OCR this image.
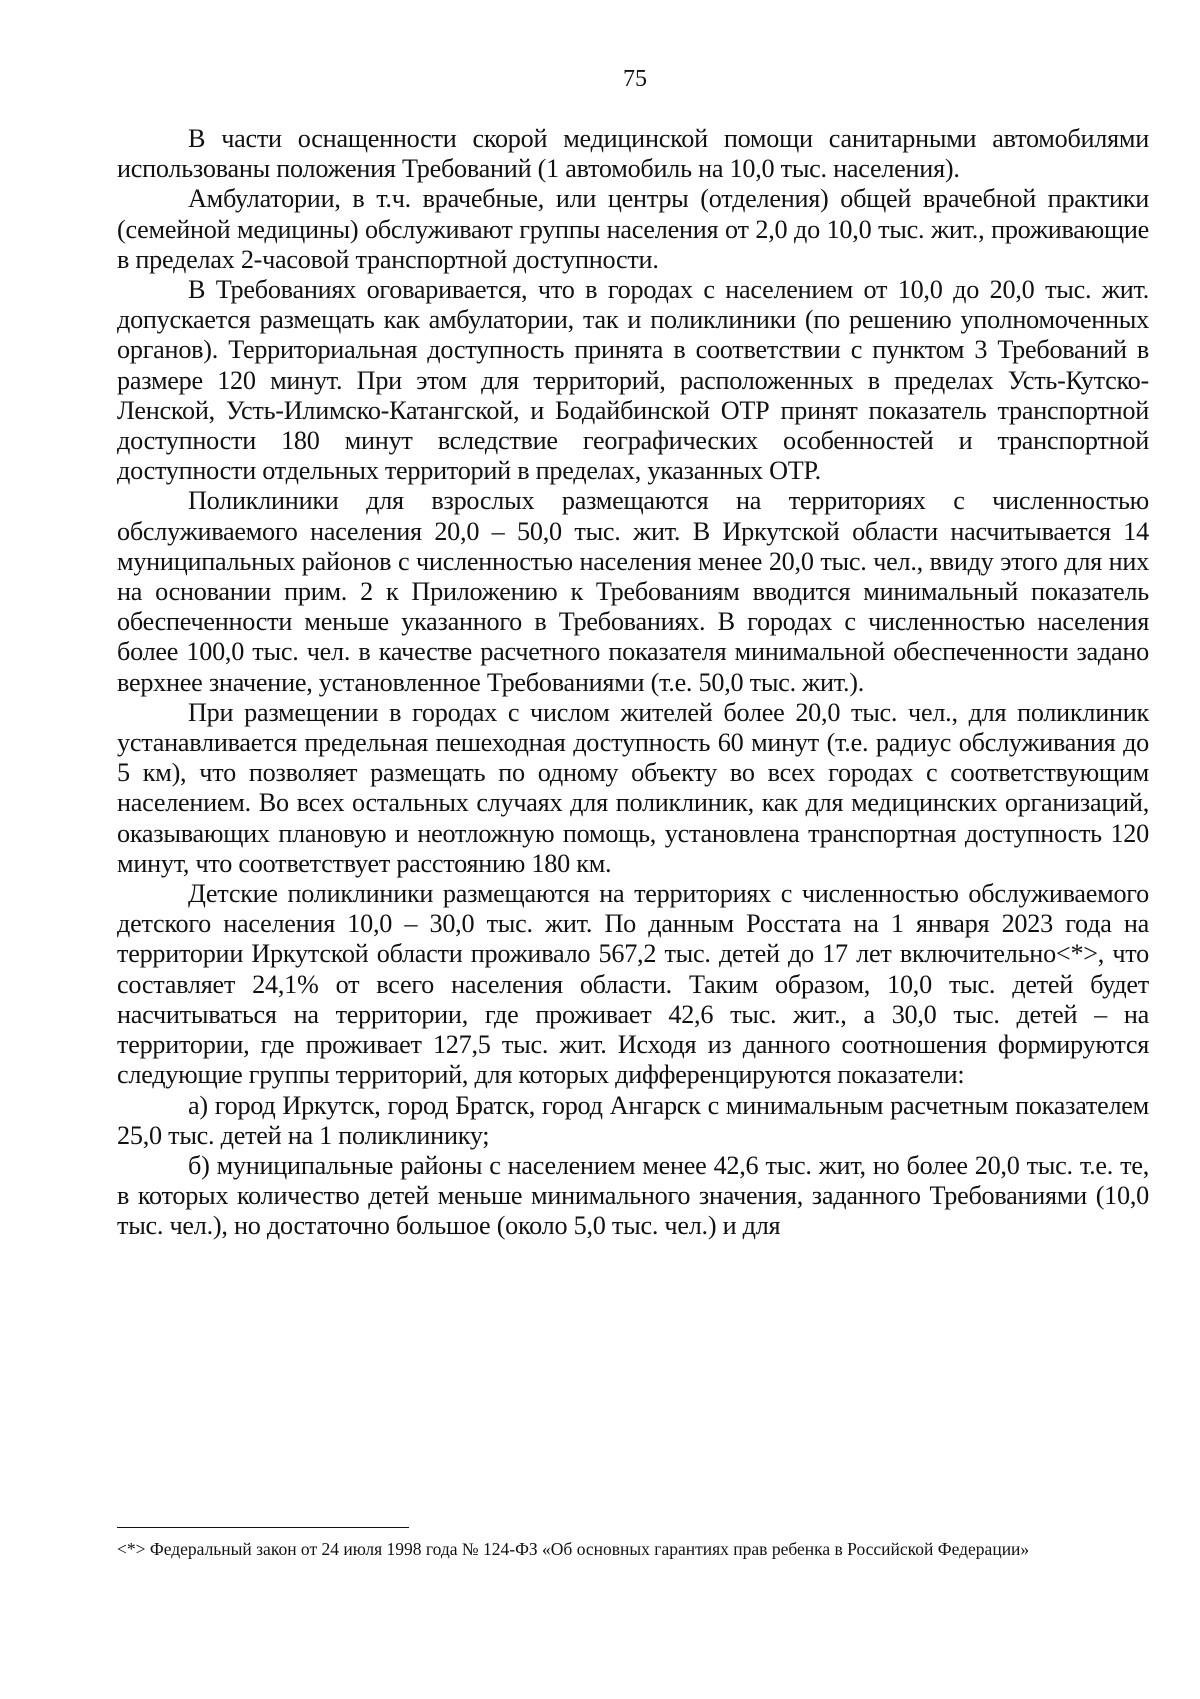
75

В части оснащенности скорой медицинской помощи санитарными автомобилями использованы положения Требований (1 автомобиль на 10,0 тыс. населения).

Амбулатории, в т.ч. врачебные, или центры (отделения) общей врачебной практики (семейной медицины) обслуживают группы населения от 2,0 до 10,0 тыс. жит., проживающие в пределах 2-часовой транспортной доступности.

В Требованиях оговаривается, что в городах с населением от 10,0 до 20,0 тыс. жит. допускается размещать как амбулатории, так и поликлиники (по решению уполномоченных органов). Территориальная доступность принята в соответствии с пунктом 3 Требований в размере 120 минут. При этом для территорий, расположенных в пределах Усть-Кутско-Ленской, Усть-Илимско-Катангской, и Бодайбинской ОТР принят показатель транспортной доступности 180 минут вследствие географических особенностей и транспортной доступности отдельных территорий в пределах, указанных ОТР.

Поликлиники для взрослых размещаются на территориях с численностью обслуживаемого населения 20,0 – 50,0 тыс. жит. В Иркутской области насчитывается 14 муниципальных районов с численностью населения менее 20,0 тыс. чел., ввиду этого для них на основании прим. 2 к Приложению к Требованиям вводится минимальный показатель обеспеченности меньше указанного в Требованиях. В городах с численностью населения более 100,0 тыс. чел. в качестве расчетного показателя минимальной обеспеченности задано верхнее значение, установленное Требованиями (т.е. 50,0 тыс. жит.).

При размещении в городах с числом жителей более 20,0 тыс. чел., для поликлиник устанавливается предельная пешеходная доступность 60 минут (т.е. радиус обслуживания до 5 км), что позволяет размещать по одному объекту во всех городах с соответствующим населением. Во всех остальных случаях для поликлиник, как для медицинских организаций, оказывающих плановую и неотложную помощь, установлена транспортная доступность 120 минут, что соответствует расстоянию 180 км.

Детские поликлиники размещаются на территориях с численностью обслуживаемого детского населения 10,0 – 30,0 тыс. жит. По данным Росстата на 1 января 2023 года на территории Иркутской области проживало 567,2 тыс. детей до 17 лет включительно<*>, что составляет 24,1% от всего населения области. Таким образом, 10,0 тыс. детей будет насчитываться на территории, где проживает 42,6 тыс. жит., а 30,0 тыс. детей – на территории, где проживает 127,5 тыс. жит. Исходя из данного соотношения формируются следующие группы территорий, для которых дифференцируются показатели:

а) город Иркутск, город Братск, город Ангарск с минимальным расчетным показателем 25,0 тыс. детей на 1 поликлинику;

б) муниципальные районы с населением менее 42,6 тыс. жит, но более 20,0 тыс. т.е. те, в которых количество детей меньше минимального значения, заданного Требованиями (10,0 тыс. чел.), но достаточно большое (около 5,0 тыс. чел.) и для

<*> Федеральный закон от 24 июля 1998 года № 124-ФЗ «Об основных гарантиях прав ребенка в Российской Федерации»
